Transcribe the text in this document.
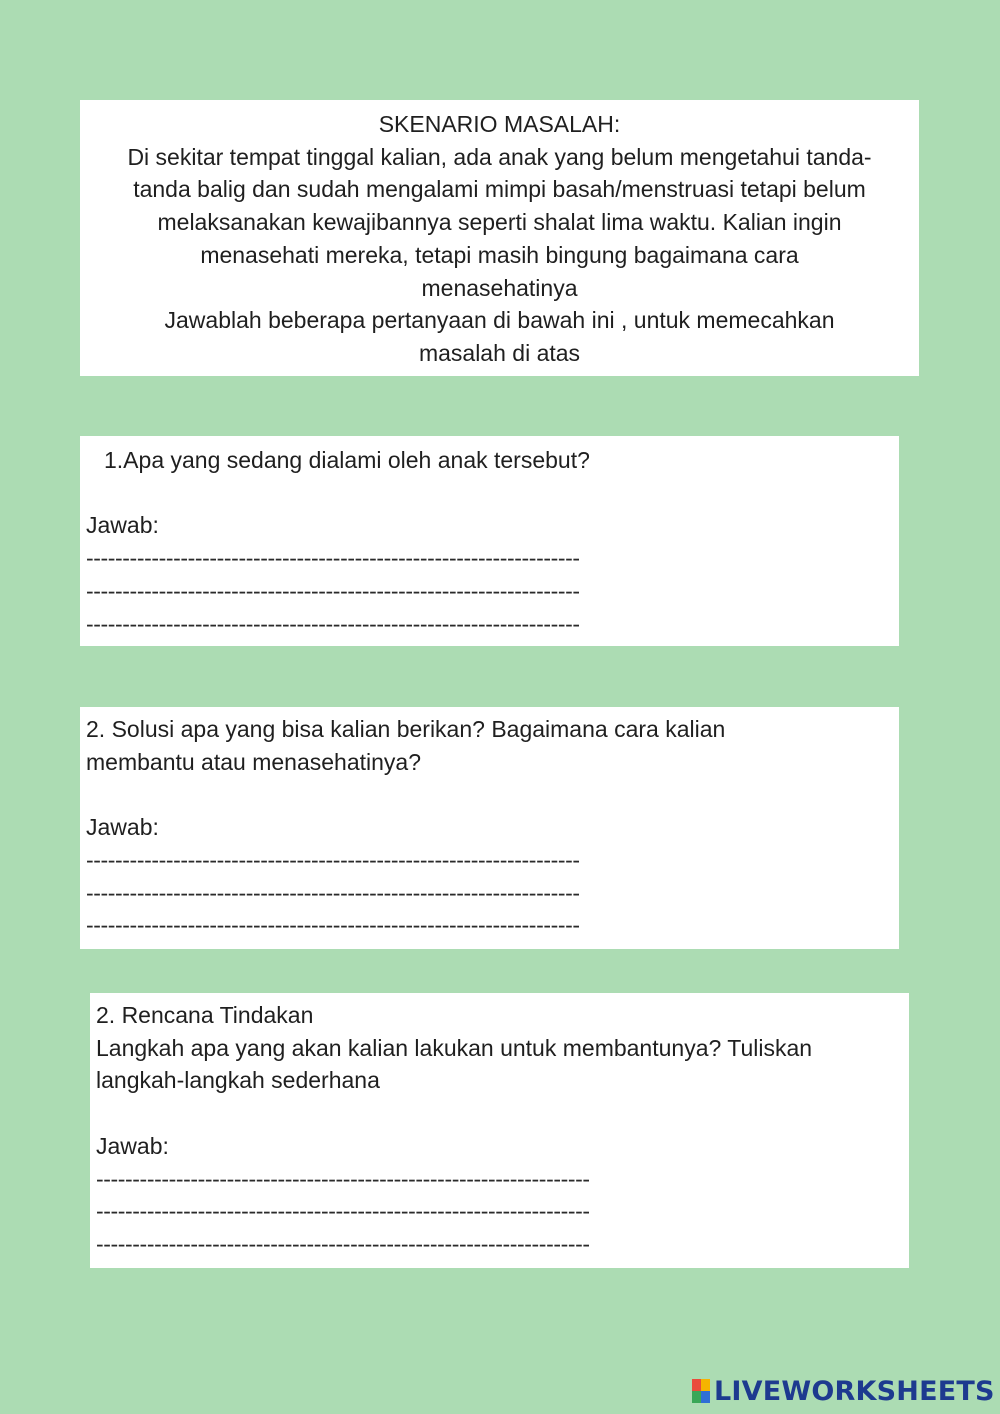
SKENARIO MASALAH:
Di sekitar tempat tinggal kalian, ada anak yang belum mengetahui tanda-
tanda balig dan sudah mengalami mimpi basah/menstruasi tetapi belum
melaksanakan kewajibannya seperti shalat lima waktu. Kalian ingin
menasehati mereka, tetapi masih bingung bagaimana cara
menasehatinya
Jawablah beberapa pertanyaan di bawah ini , untuk memecahkan
masalah di atas
1.Apa yang sedang dialami oleh anak tersebut?
Jawab:
--------------------------------------------------------------------
--------------------------------------------------------------------
--------------------------------------------------------------------
2. Solusi apa yang bisa kalian berikan? Bagaimana cara kalian
membantu atau menasehatinya?
Jawab:
--------------------------------------------------------------------
--------------------------------------------------------------------
--------------------------------------------------------------------
2. Rencana Tindakan
Langkah apa yang akan kalian lakukan untuk membantunya? Tuliskan
langkah-langkah sederhana
Jawab:
--------------------------------------------------------------------
--------------------------------------------------------------------
--------------------------------------------------------------------
LIVEWORKSHEETS
